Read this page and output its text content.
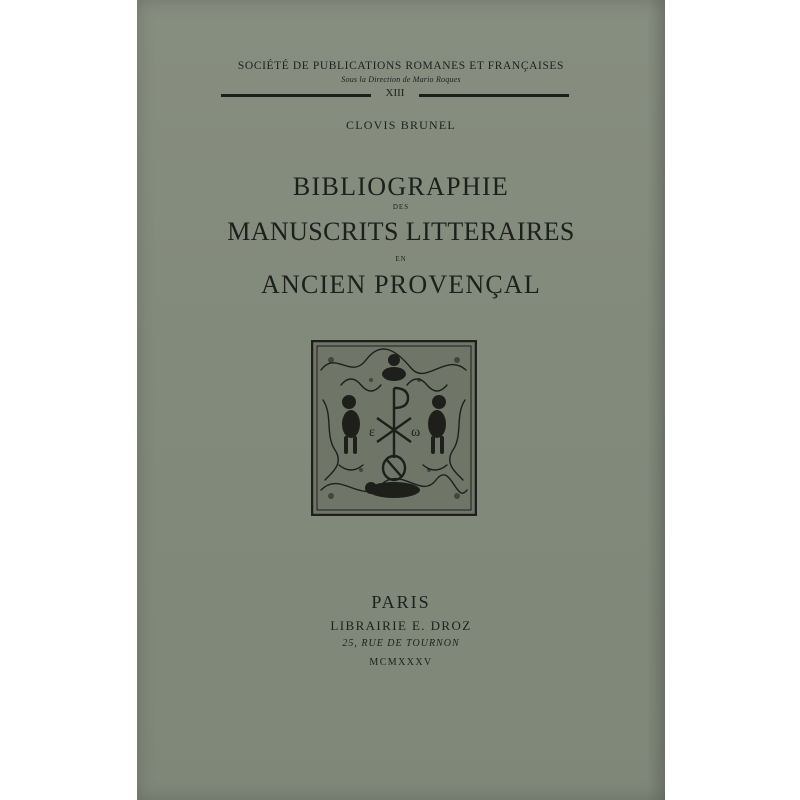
SOCIÉTÉ DE PUBLICATIONS ROMANES ET FRANÇAISES
Sous la Direction de Mario Roques
XIII
CLOVIS BRUNEL
BIBLIOGRAPHIE
DES
MANUSCRITS LITTERAIRES
EN
ANCIEN PROVENÇAL
ε	ω
PARIS
LIBRAIRIE E. DROZ
25, RUE DE TOURNON
MCMXXXV
